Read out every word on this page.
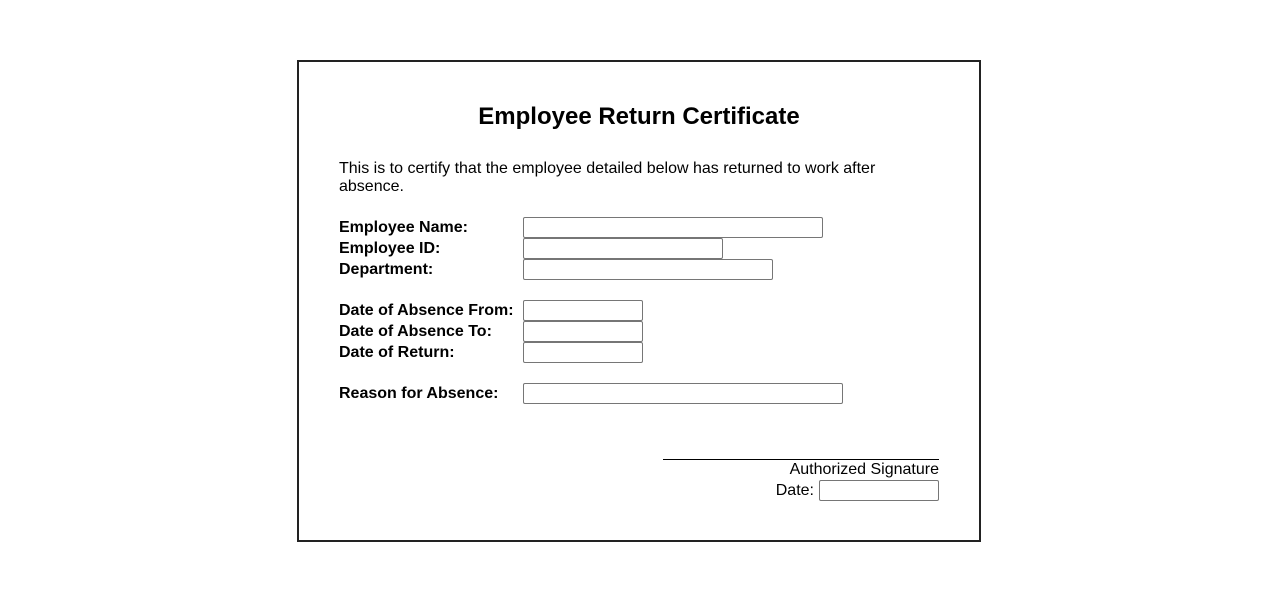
Employee Return Certificate

This is to certify that the employee detailed below has returned to work after absence.

Employee Name:
Employee ID:
Department:
Date of Absence From:
Date of Absence To:
Date of Return:
Reason for Absence:
Authorized Signature
Date:
